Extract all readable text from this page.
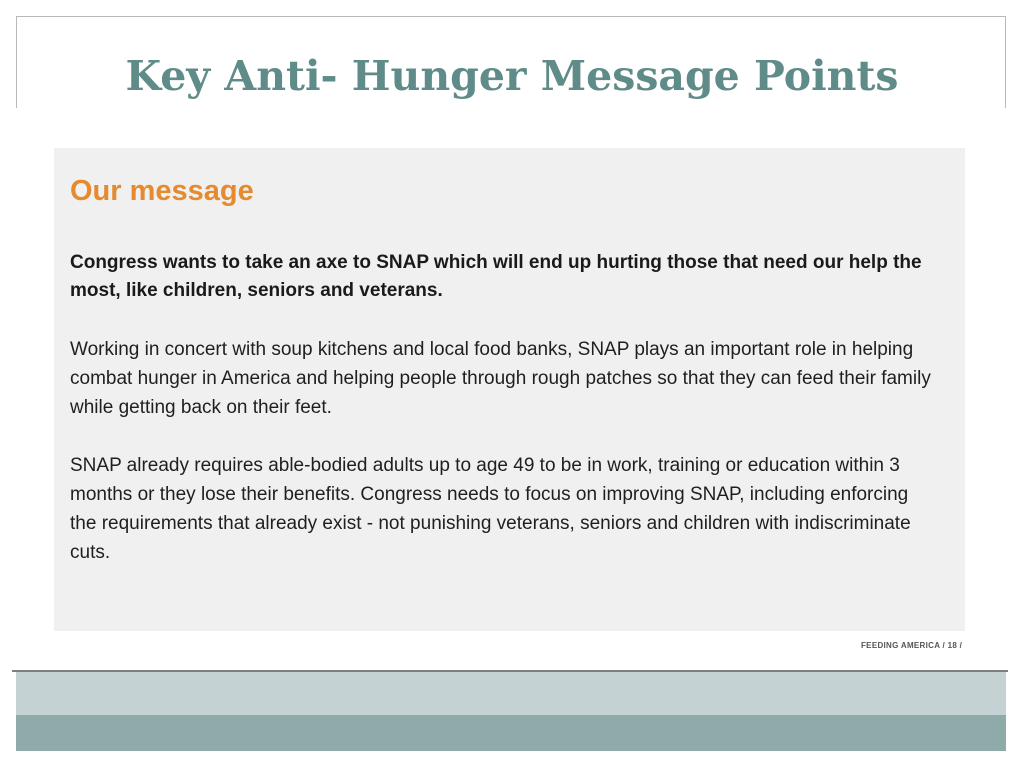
Key Anti- Hunger Message Points
Our message

Congress wants to take an axe to SNAP which will end up hurting those that need our help the most, like children, seniors and veterans.

Working in concert with soup kitchens and local food banks, SNAP plays an important role in helping combat hunger in America and helping people through rough patches so that they can feed their family while getting back on their feet.

SNAP already requires able-bodied adults up to age 49 to be in work, training or education within 3 months or they lose their benefits. Congress needs to focus on improving SNAP, including enforcing the requirements that already exist - not punishing veterans, seniors and children with indiscriminate cuts.

FEEDING AMERICA / 18 /
